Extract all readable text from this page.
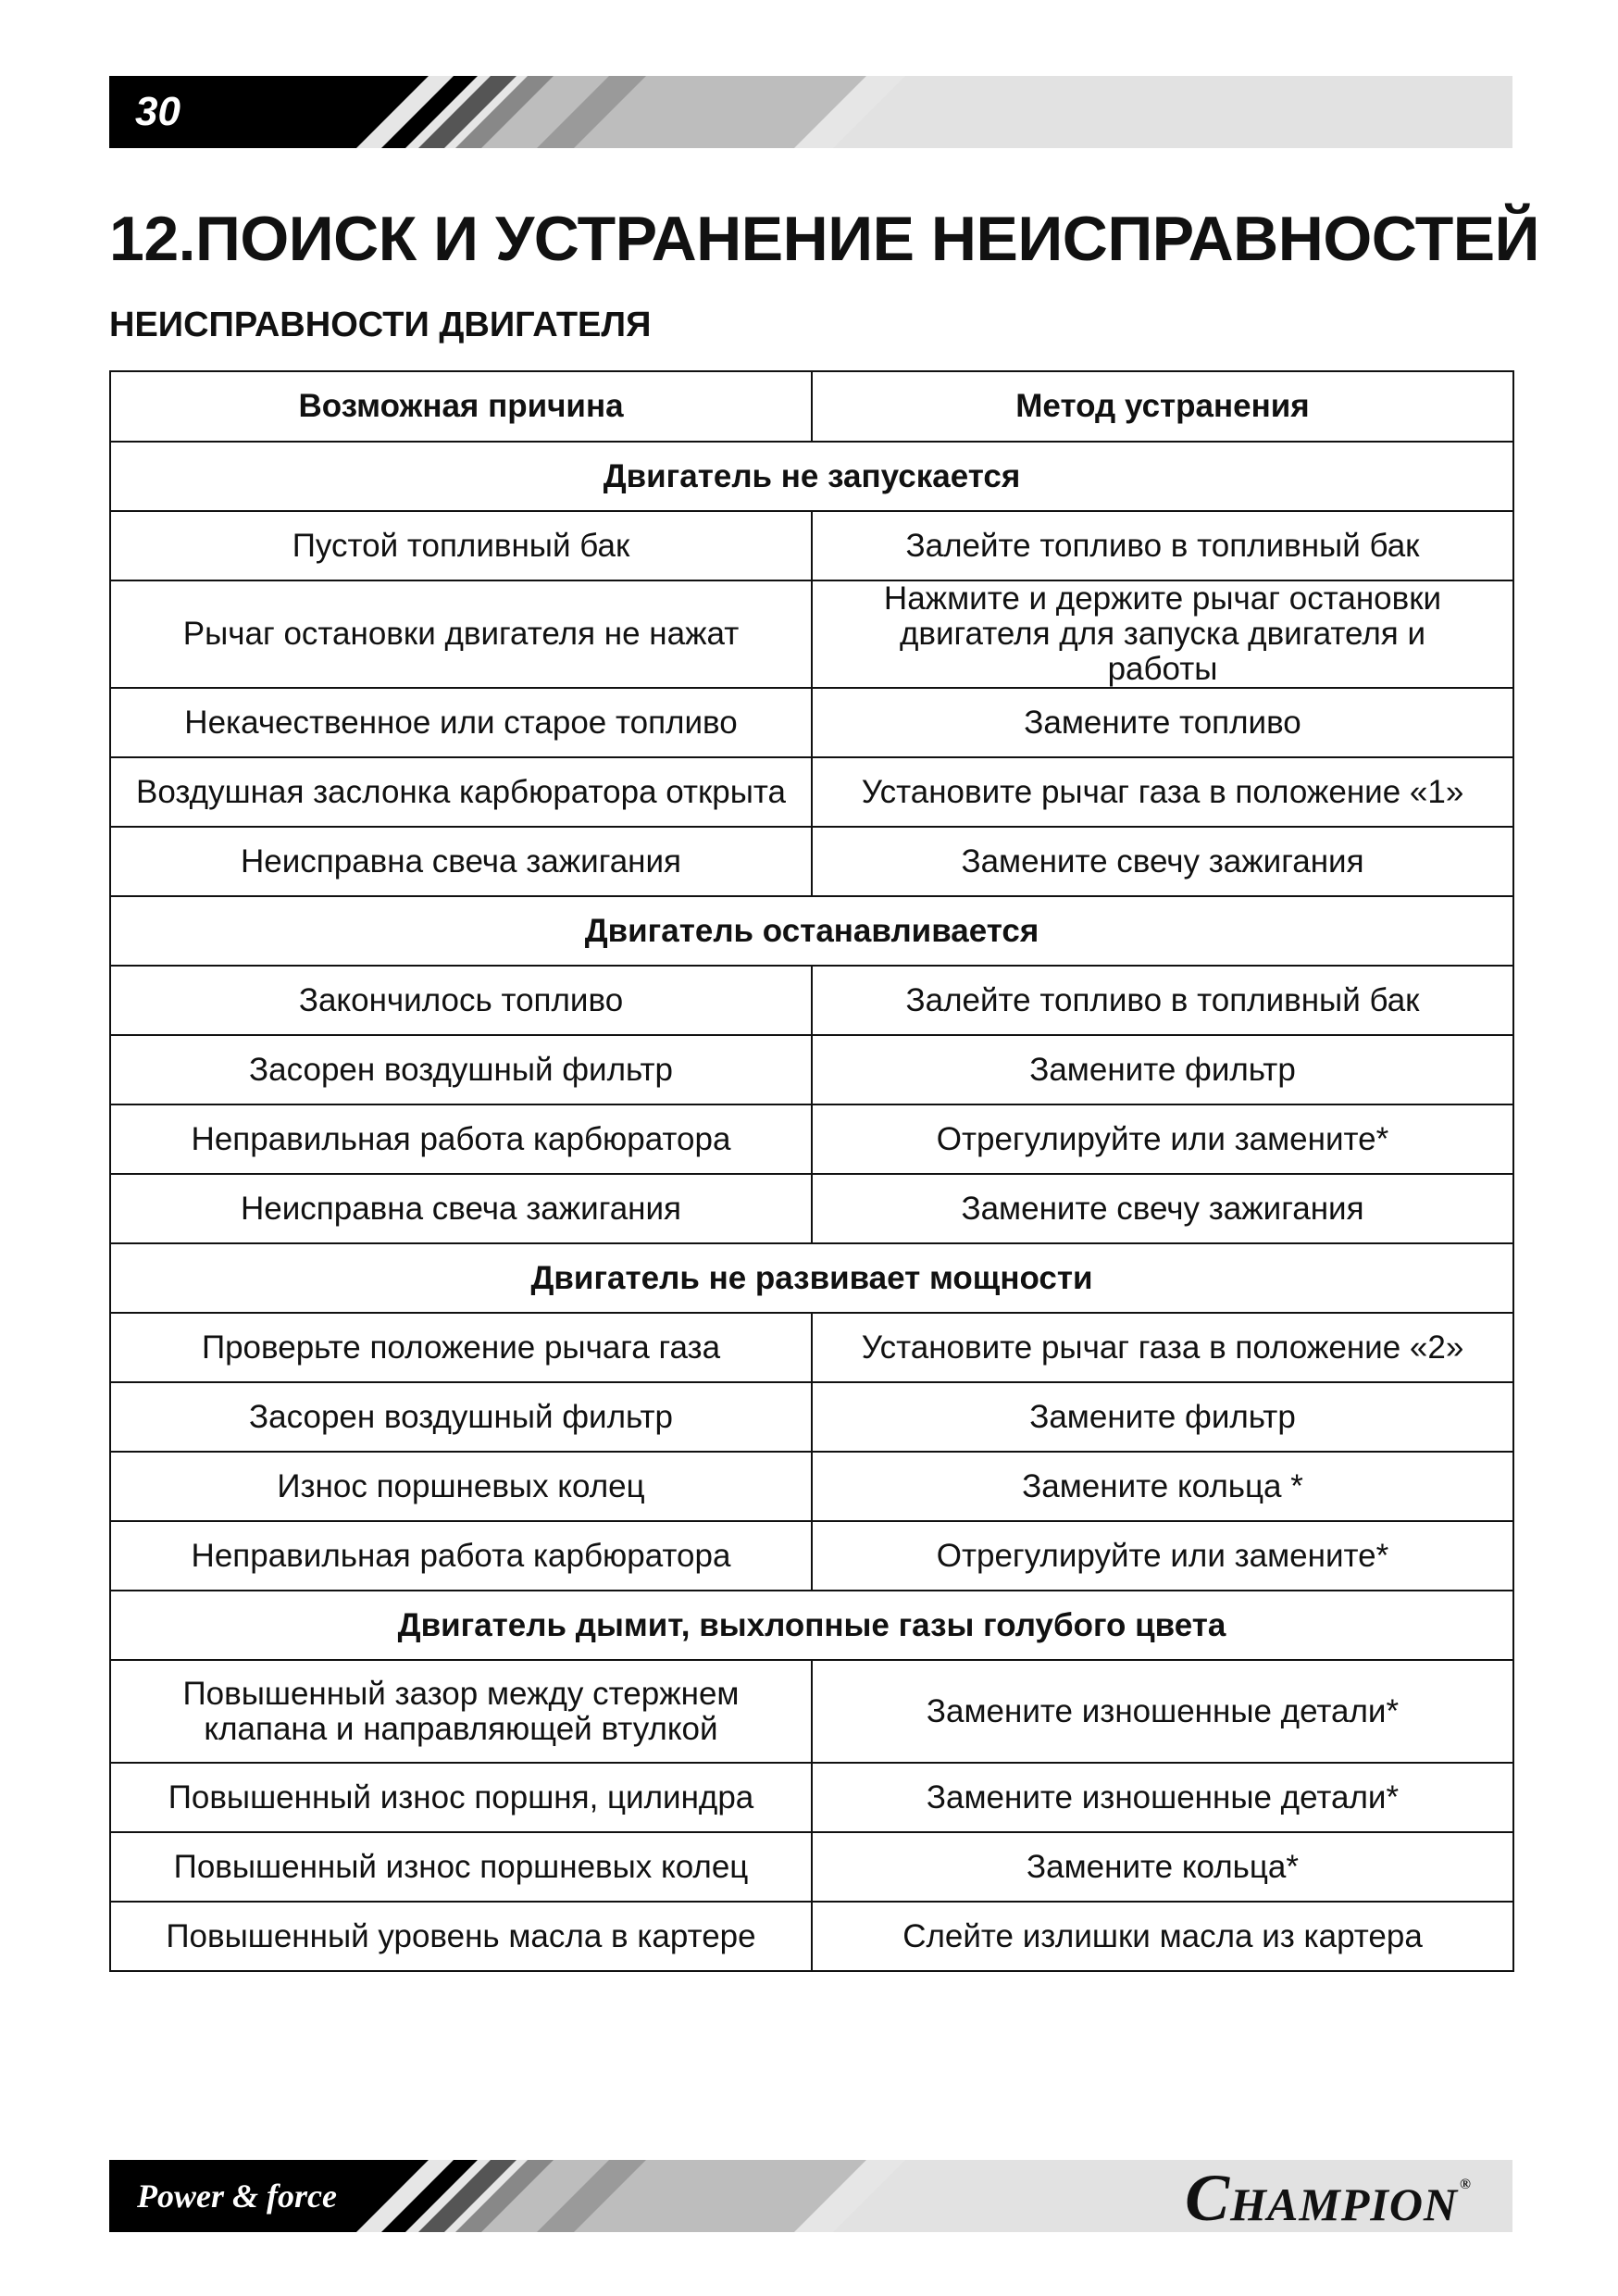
30
12.ПОИСК И УСТРАНЕНИЕ НЕИСПРАВНОСТЕЙ
НЕИСПРАВНОСТИ ДВИГАТЕЛЯ
Возможная причина	Метод устранения
Двигатель не запускается	
Пустой топливный бак	Залейте топливо в топливный бак
Рычаг остановки двигателя не нажат	Нажмите и держите рычаг остановки двигателя для запуска двигателя и работы
Некачественное или старое топливо	Замените топливо
Воздушная заслонка карбюратора открыта	Установите рычаг газа в положение «1»
Неисправна свеча зажигания	Замените свечу зажигания
Двигатель останавливается	
Закончилось топливо	Залейте топливо в топливный бак
Засорен воздушный фильтр	Замените фильтр
Неправильная работа карбюратора	Отрегулируйте или замените*
Неисправна свеча зажигания	Замените свечу зажигания
Двигатель не развивает мощности	
Проверьте положение рычага газа	Установите рычаг газа в положение «2»
Засорен воздушный фильтр	Замените фильтр
Износ поршневых колец	Замените кольца *
Неправильная работа карбюратора	Отрегулируйте или замените*
Двигатель дымит, выхлопные газы голубого цвета	
Повышенный зазор между стержнем клапана и направляющей втулкой	Замените изношенные детали*
Повышенный износ поршня, цилиндра	Замените изношенные детали*
Повышенный износ поршневых колец	Замените кольца*
Повышенный уровень масла в картере	Слейте излишки масла из картера
Power & force	CHAMPION ®
